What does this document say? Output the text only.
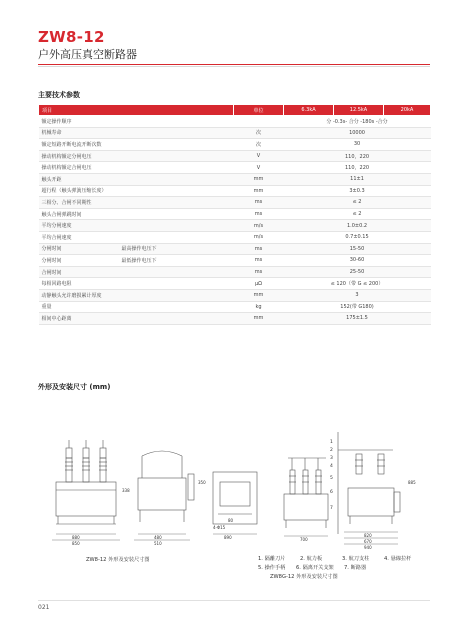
ZW8-12
户外高压真空断路器
主要技术参数
项目		单位	6.3kA	12.5kA	20kA
额定操作顺序			分 -0.3s- 合分 -180s -合分		
机械寿命		次	10000		
额定短路开断电流开断次数		次	30		
操动机构额定分闸电压		V	110，220		
操动机构额定合闸电压		V	110，220		
触头开距		mm	11±1		
超行程（触头弹簧压缩长度）		mm	3±0.3		
三相分、合闸不同期性		ms	≤ 2		
触头合闸弹跳时间		ms	≤ 2		
平均分闸速度		m/s	1.0±0.2		
平均合闸速度		m/s	0.7±0.15		
分闸时间	最高操作电压下	ms	15-50		
分闸时间	最低操作电压下	ms	30-60		
合闸时间		ms	25-50		
每相回路电阻		μΩ	≤ 120（带 G ≤ 200）		
动静触头允许磨损累计厚度		mm	3		
重量		kg	152(带 G180)		
相间中心距离		mm	175±1.5		
外形及安装尺寸 (mm)
880
850
480
510
4-Φ15
890
338
350
80
820
670
940
700
885
1
2
3
4
5
6
7
ZW8-12 外形及安装尺寸图	1. 隔離刀片	2. 航力板	3. 航刀支柱	4. 悬線拉杆
5. 操作手柄 6. 隔离开关支架 7. 断路器
ZW8G-12 外形及安装尺寸图
021
